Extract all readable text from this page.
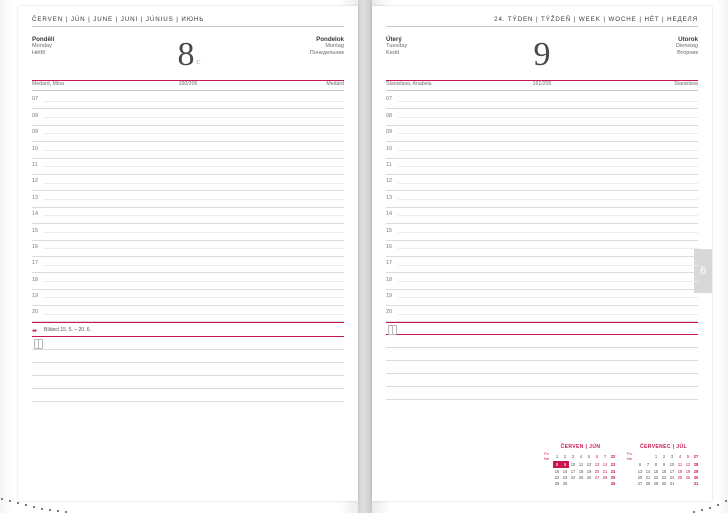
ČERVEN | JÚN | JUNE | JUNI | JÚNIUS | ИЮНЬ
Pondělí
Monday
Hétfő	8 $^C$
Pondelok
Montag
Понедельник
Medard, Mína	160/206	Medard
07
08
09
10
11
12
13
14
15
16
17
18
19
20
●● Bílánci 15. 5. – 20. 6.
6
24. TÝDEN | TÝŽDEŇ | WEEK | WOCHE | HÉT | НЕДЕЛЯ
Úterý
Tuesday
Kedd	9	Utorok
Dienstag
Вторник
Stanislava, Anabela	161/205	Stanislava
07
08
09
10
11
12
13
14
15
16
17
18
19
20
ČERVEN | JÚN
Po Ne	1	2	3	4	5	6	7	22
	8	9	10	11	12	13	14	23
	15	16	17	18	19	20	21	24
	22	23	24	25	26	27	28	25
	29	30						26
ČERVENEC | JÚL
Po Ne			1	2	3	4	5	27
	6	7	8	9	10	11	12	28
	13	14	15	16	17	18	19	29
	20	21	22	23	24	25	26	30
	27	28	29	30	31			31
